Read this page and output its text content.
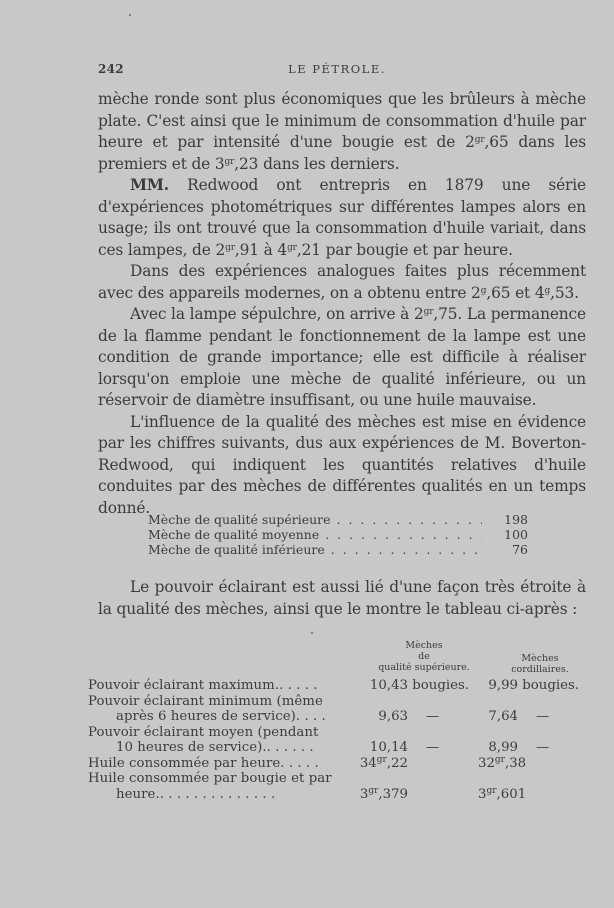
242	LE PÉTROLE.

mèche ronde sont plus économiques que les brûleurs à mèche plate. C'est ainsi que le minimum de consommation d'huile par heure et par intensité d'une bougie est de $2^{gr},65$ dans les premiers et de $3^{gr},23$ dans les derniers.

MM. Redwood ont entrepris en 1879 une série d'expériences photométriques sur différentes lampes alors en usage; ils ont trouvé que la consommation d'huile variait, dans ces lampes, de $2^{gr},91$ à $4^{gr},21$ par bougie et par heure.

Dans des expériences analogues faites plus récemment avec des appareils modernes, on a obtenu entre 2$^g$,65 et 4$^g$,53.

Avec la lampe sépulchre, on arrive à $2^{gr},75$. La permanence de la flamme pendant le fonctionnement de la lampe est une condition de grande importance; elle est difficile à réaliser lorsqu'on emploie une mèche de qualité inférieure, ou un réservoir de diamètre insuffisant, ou une huile mauvaise.

L'influence de la qualité des mèches est mise en évidence par les chiffres suivants, dus aux expériences de M. Boverton-Redwood, qui indiquent les quantités relatives d'huile conduites par des mèches de différentes qualités en un temps donné.

Mèche de qualité supérieure . . .	198
Mèche de qualité moyenne . . .	100
Mèche de qualité inférieure . . .	76

Le pouvoir éclairant est aussi lié d'une façon très étroite à la qualité des mèches, ainsi que le montre le tableau ci-après :

Mèches
de
qualité supérieure.
Mèches
cordillaires.
Pouvoir éclairant maximum.. . . . .	10,43 bougies.	9,99 bougies.
Pouvoir éclairant minimum (même
après 6 heures de service). . . .	9,63 —	7,64 —
Pouvoir éclairant moyen (pendant
10 heures de service).. . . . . .	10,14 —	8,99 —
Huile consommée par heure. . . . .	$34^{gr},22$	$32^{gr},38$
Huile consommée par bougie et par
heure.. . . . . . . . . . . . . .	$3^{gr},379$	$3^{gr},601$
